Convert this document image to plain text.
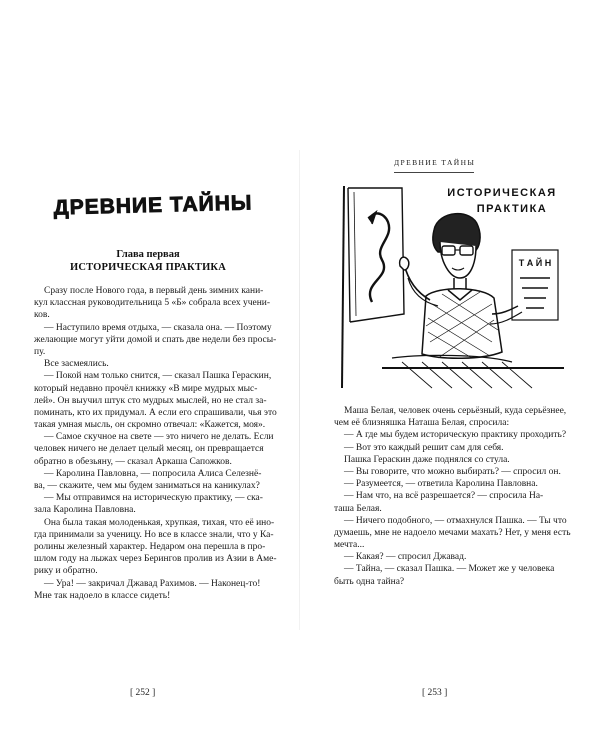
ДРЕВНИЕ ТАЙНЫ
Глава первая
ИСТОРИЧЕСКАЯ ПРАКТИКА
Сразу после Нового года, в первый день зимних кани-
кул классная руководительница 5 «Б» собрала всех учени-
ков.
— Наступило время отдыха, — сказала она. — Поэтому
желающие могут уйти домой и спать две недели без просы-
пу.
Все засмеялись.
— Покой нам только снится, — сказал Пашка Гераскин,
который недавно прочёл книжку «В мире мудрых мыс-
лей». Он выучил штук сто мудрых мыслей, но не стал за-
поминать, кто их придумал. А если его спрашивали, чья это
такая умная мысль, он скромно отвечал: «Кажется, моя».
— Самое скучное на свете — это ничего не делать. Если
человек ничего не делает целый месяц, он превращается
обратно в обезьяну, — сказал Аркаша Сапожков.
— Каролина Павловна, — попросила Алиса Селезнё-
ва, — скажите, чем мы будем заниматься на каникулах?
— Мы отправимся на историческую практику, — ска-
зала Каролина Павловна.
Она была такая молоденькая, хрупкая, тихая, что её ино-
гда принимали за ученицу. Но все в классе знали, что у Ка-
ролины железный характер. Недаром она перешла в про-
шлом году на лыжах через Берингов пролив из Азии в Аме-
рику и обратно.
— Ура! — закричал Джавад Рахимов. — Наконец-то!
Мне так надоело в классе сидеть!
[ 252 ]
ДРЕВНИЕ ТАЙНЫ
ИСТОРИЧЕСКАЯ
ПРАКТИКА
Т А Й Н
Маша Белая, человек очень серьёзный, куда серьёзнее,
чем её близняшка Наташа Белая, спросила:
— А где мы будем историческую практику проходить?
— Вот это каждый решит сам для себя.
Пашка Гераскин даже поднялся со стула.
— Вы говорите, что можно выбирать? — спросил он.
— Разумеется, — ответила Каролина Павловна.
— Нам что, на всё разрешается? — спросила На-
таша Белая.
— Ничего подобного, — отмахнулся Пашка. — Ты что
думаешь, мне не надоело мечами махать? Нет, у меня есть
мечта...
— Какая? — спросил Джавад.
— Тайна, — сказал Пашка. — Может же у человека
быть одна тайна?
[ 253 ]
